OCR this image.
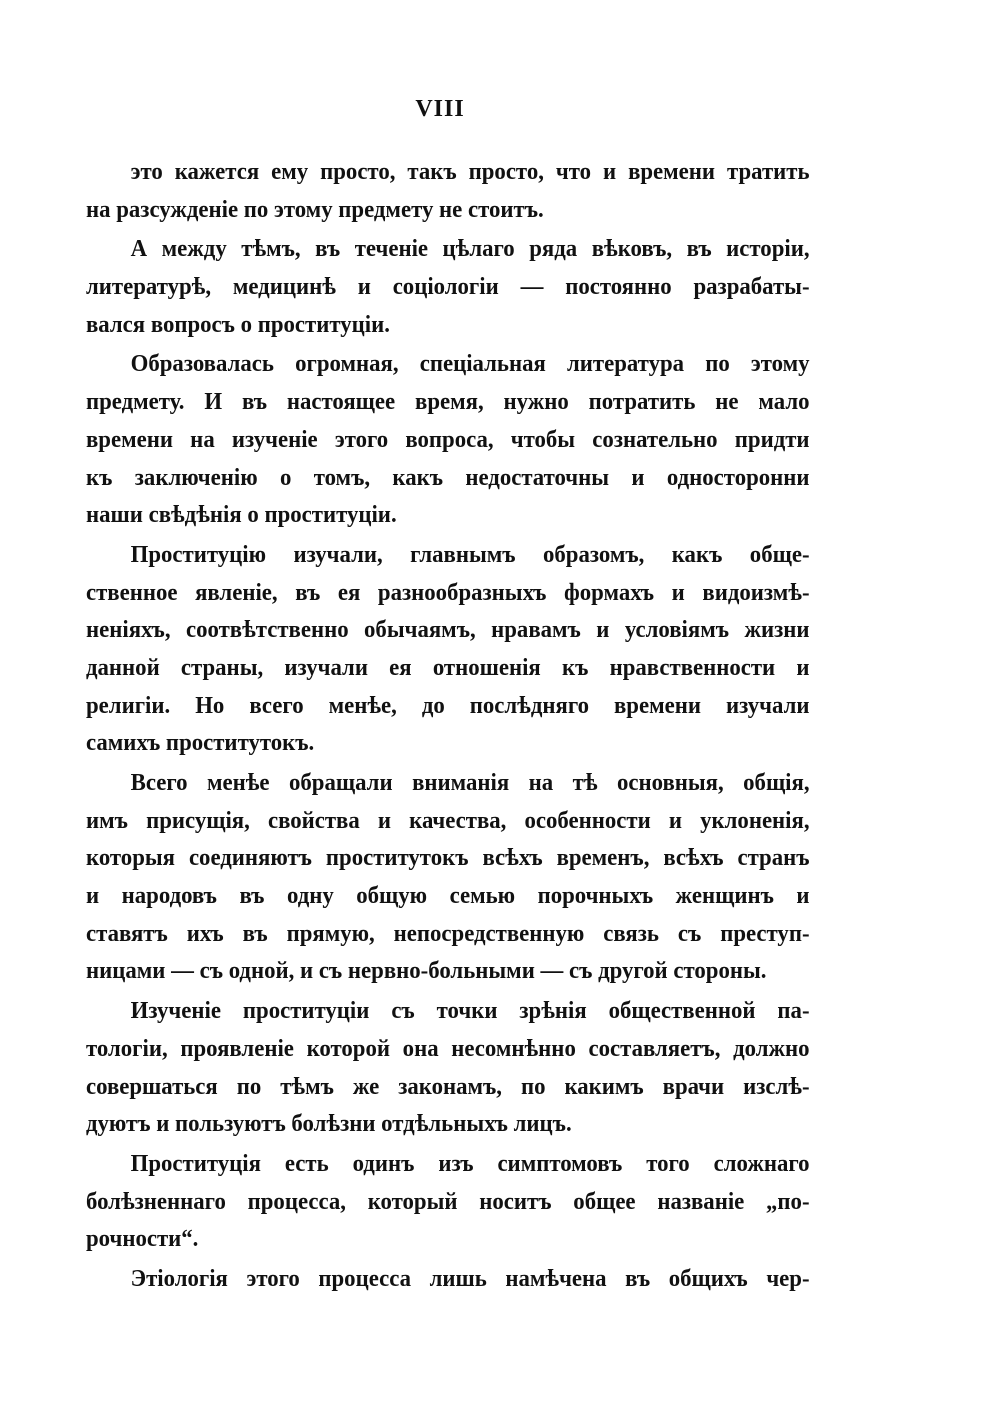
VIII
это кажется ему просто, такъ просто, что и времени тратить
на разсужденіе по этому предмету не стоитъ.
А между тѣмъ, въ теченіе цѣлаго ряда вѣковъ, въ исторіи,
литературѣ, медицинѣ и соціологіи — постоянно разрабаты-
вался вопросъ о проституціи.
Образовалась огромная, спеціальная литература по этому
предмету. И въ настоящее время, нужно потратить не мало
времени на изученіе этого вопроса, чтобы сознательно придти
къ заключенію о томъ, какъ недостаточны и односторонни
наши свѣдѣнія о проституціи.
Проституцію изучали, главнымъ образомъ, какъ обще-
ственное явленіе, въ ея разнообразныхъ формахъ и видоизмѣ-
неніяхъ, соотвѣтственно обычаямъ, нравамъ и условіямъ жизни
данной страны, изучали ея отношенія къ нравственности и
религіи. Но всего менѣе, до послѣдняго времени изучали
самихъ проститутокъ.
Всего менѣе обращали вниманія на тѣ основныя, общія,
имъ присущія, свойства и качества, особенности и уклоненія,
которыя соединяютъ проститутокъ всѣхъ временъ, всѣхъ странъ
и народовъ въ одну общую семью порочныхъ женщинъ и
ставятъ ихъ въ прямую, непосредственную связь съ преступ-
ницами — съ одной, и съ нервно-больными — съ другой стороны.
Изученіе проституціи съ точки зрѣнія общественной па-
тологіи, проявленіе которой она несомнѣнно составляетъ, должно
совершаться по тѣмъ же законамъ, по какимъ врачи изслѣ-
дуютъ и пользуютъ болѣзни отдѣльныхъ лицъ.
Проституція есть одинъ изъ симптомовъ того сложнаго
болѣзненнаго процесса, который носитъ общее названіе „по-
рочности“.
Этіологія этого процесса лишь намѣчена въ общихъ чер-
